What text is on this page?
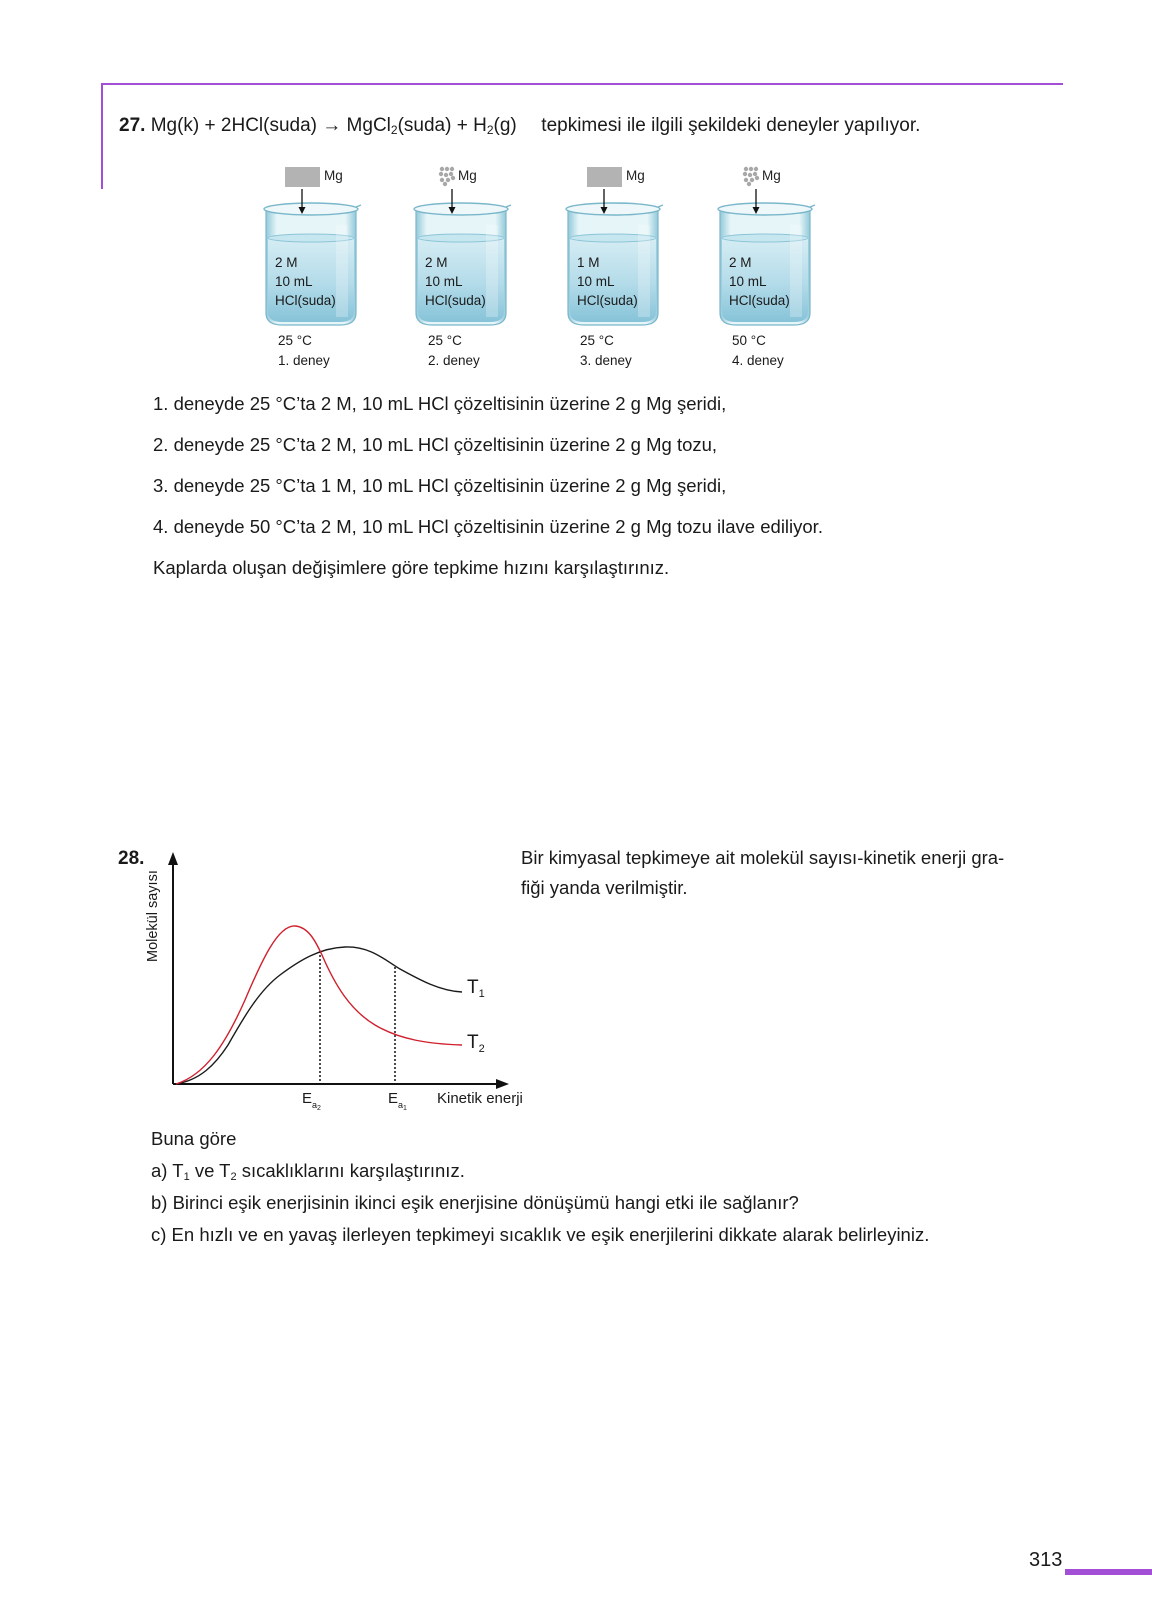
27. Mg(k) + 2HCl(suda) → MgCl$_2$(suda) + $H_2(g)$ tepkimesi ile ilgili şekildeki deneyler yapılıyor.
Mg
2 M
10 mL
HCl(suda)
25 °C
1. deney
Mg
2 M
10 mL
HCl(suda)
25 °C
2. deney
Mg
1 M
10 mL
HCl(suda)
25 °C
3. deney
Mg
2 M
10 mL
HCl(suda)
50 °C
4. deney
1. deneyde 25 °C’ta 2 M, 10 mL HCl çözeltisinin üzerine 2 g Mg şeridi,
2. deneyde 25 °C’ta 2 M, 10 mL HCl çözeltisinin üzerine 2 g Mg tozu,
3. deneyde 25 °C’ta 1 M, 10 mL HCl çözeltisinin üzerine 2 g Mg şeridi,
4. deneyde 50 °C’ta 2 M, 10 mL HCl çözeltisinin üzerine 2 g Mg tozu ilave ediliyor.
Kaplarda oluşan değişimlere göre tepkime hızını karşılaştırınız.
28.
Molekül sayısı
$T_1$
$T_2$
$E_{a_2}$
$E_{a_1}$
Kinetik enerji
Bir kimyasal tepkimeye ait molekül sayısı-kinetik enerji gra-
fiği yanda verilmiştir.
Buna göre
a) $T_1$ ve $T_2$ sıcaklıklarını karşılaştırınız.
b) Birinci eşik enerjisinin ikinci eşik enerjisine dönüşümü hangi etki ile sağlanır?
c) En hızlı ve en yavaş ilerleyen tepkimeyi sıcaklık ve eşik enerjilerini dikkate alarak belirleyiniz.
313
